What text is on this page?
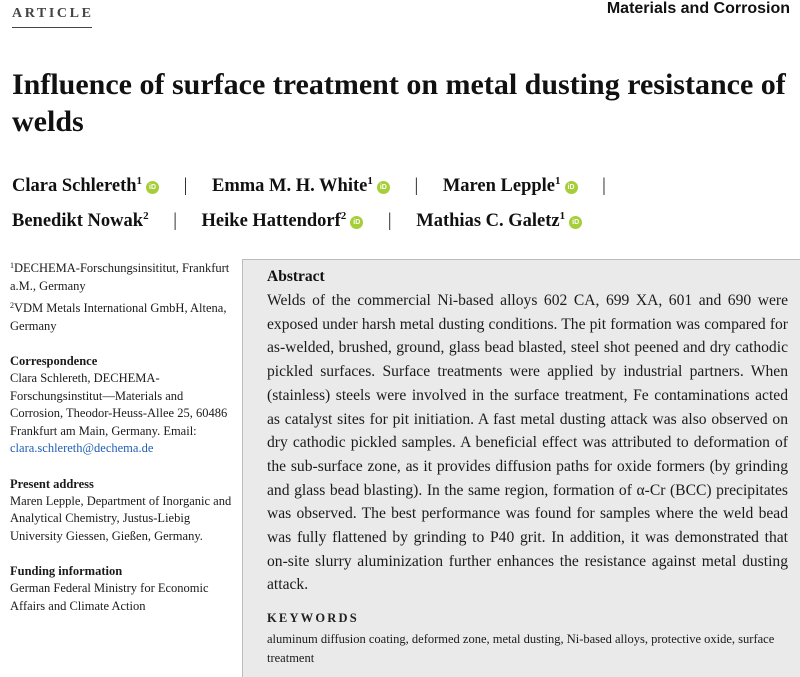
ARTICLE	Materials and Corrosion
Influence of surface treatment on metal dusting resistance of welds
Clara Schlereth$^1$iD | Emma M. H. White$^1$iD | Maren Lepple$^1$iD |
Benedikt Nowak$^2$ | Heike Hattendorf$^2$iD | Mathias C. Galetz$^1$iD

$^1$DECHEMA-Forschungsinsititut, Frankfurt a.M., Germany

$^2$VDM Metals International GmbH, Altena, Germany

Correspondence

Clara Schlereth, DECHEMA-Forschungsinstitut—Materials and Corrosion, Theodor-Heuss-Allee 25, 60486 Frankfurt am Main, Germany. Email: clara.schlereth@dechema.de

Present address

Maren Lepple, Department of Inorganic and Analytical Chemistry, Justus-Liebig University Giessen, Gießen, Germany.

Funding information

German Federal Ministry for Economic Affairs and Climate Action

Abstract

Welds of the commercial Ni-based alloys 602 CA, 699 XA, 601 and 690 were exposed under harsh metal dusting conditions. The pit formation was compared for as-welded, brushed, ground, glass bead blasted, steel shot peened and dry cathodic pickled surfaces. Surface treatments were applied by industrial partners. When (stainless) steels were involved in the surface treatment, Fe contaminations acted as catalyst sites for pit initiation. A fast metal dusting attack was also observed on dry cathodic pickled samples. A beneficial effect was attributed to deformation of the sub-surface zone, as it provides diffusion paths for oxide formers (by grinding and glass bead blasting). In the same region, formation of α-Cr (BCC) precipitates was observed. The best performance was found for samples where the weld bead was fully flattened by grinding to P40 grit. In addition, it was demonstrated that on-site slurry aluminization further enhances the resistance against metal dusting attack.

KEYWORDS

aluminum diffusion coating, deformed zone, metal dusting, Ni-based alloys, protective oxide, surface treatment
